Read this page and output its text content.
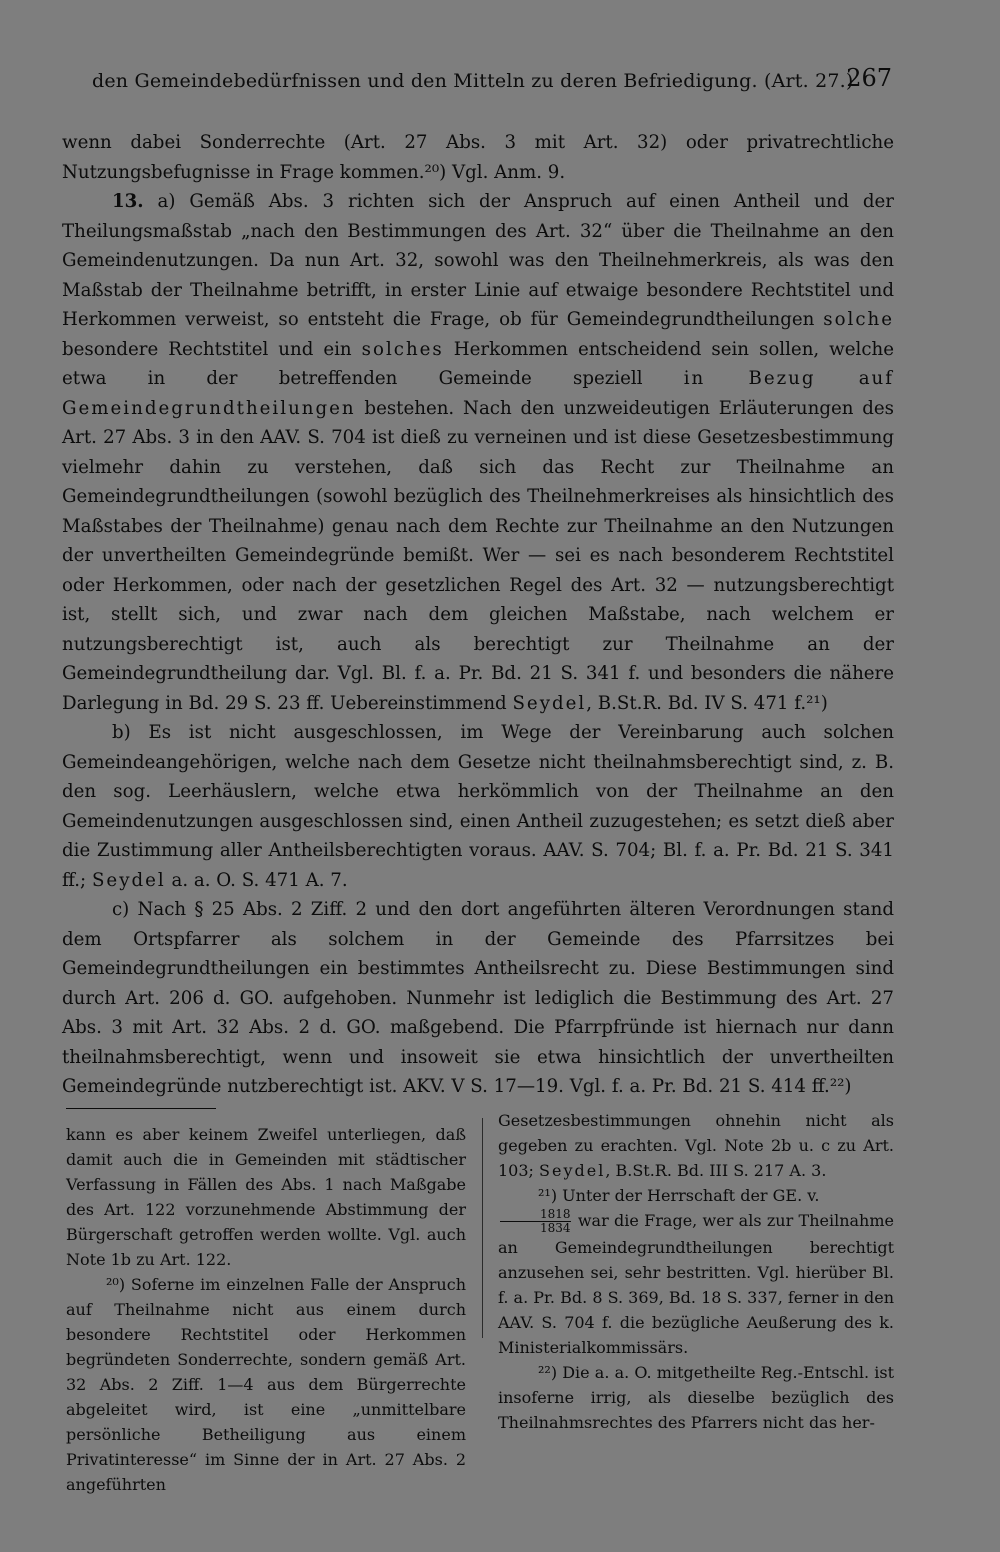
den Gemeindebedürfnissen und den Mitteln zu deren Befriedigung. (Art. 27.)
267

wenn dabei Sonderrechte (Art. 27 Abs. 3 mit Art. 32) oder privatrechtliche Nutzungsbefugnisse in Frage kommen.²⁰) Vgl. Anm. 9.

13. a) Gemäß Abs. 3 richten sich der Anspruch auf einen Antheil und der Theilungsmaßstab „nach den Bestimmungen des Art. 32“ über die Theilnahme an den Gemeindenutzungen. Da nun Art. 32, sowohl was den Theilnehmerkreis, als was den Maßstab der Theilnahme betrifft, in erster Linie auf etwaige besondere Rechtstitel und Herkommen verweist, so entsteht die Frage, ob für Gemeindegrundtheilungen solche besondere Rechtstitel und ein solches Herkommen entscheidend sein sollen, welche etwa in der betreffenden Gemeinde speziell in Bezug auf Gemeindegrundtheilungen bestehen. Nach den unzweideutigen Erläuterungen des Art. 27 Abs. 3 in den AAV. S. 704 ist dieß zu verneinen und ist diese Gesetzesbestimmung vielmehr dahin zu verstehen, daß sich das Recht zur Theilnahme an Gemeindegrundtheilungen (sowohl bezüglich des Theilnehmerkreises als hinsichtlich des Maßstabes der Theilnahme) genau nach dem Rechte zur Theilnahme an den Nutzungen der unvertheilten Gemeindegründe bemißt. Wer — sei es nach besonderem Rechtstitel oder Herkommen, oder nach der gesetzlichen Regel des Art. 32 — nutzungsberechtigt ist, stellt sich, und zwar nach dem gleichen Maßstabe, nach welchem er nutzungsberechtigt ist, auch als berechtigt zur Theilnahme an der Gemeindegrundtheilung dar. Vgl. Bl. f. a. Pr. Bd. 21 S. 341 f. und besonders die nähere Darlegung in Bd. 29 S. 23 ff. Uebereinstimmend Seydel, B.St.R. Bd. IV S. 471 f.²¹)

b) Es ist nicht ausgeschlossen, im Wege der Vereinbarung auch solchen Gemeindeangehörigen, welche nach dem Gesetze nicht theilnahmsberechtigt sind, z. B. den sog. Leerhäuslern, welche etwa herkömmlich von der Theilnahme an den Gemeindenutzungen ausgeschlossen sind, einen Antheil zuzugestehen; es setzt dieß aber die Zustimmung aller Antheilsberechtigten voraus. AAV. S. 704; Bl. f. a. Pr. Bd. 21 S. 341 ff.; Seydel a. a. O. S. 471 A. 7.

c) Nach § 25 Abs. 2 Ziff. 2 und den dort angeführten älteren Verordnungen stand dem Ortspfarrer als solchem in der Gemeinde des Pfarrsitzes bei Gemeindegrundtheilungen ein bestimmtes Antheilsrecht zu. Diese Bestimmungen sind durch Art. 206 d. GO. aufgehoben. Nunmehr ist lediglich die Bestimmung des Art. 27 Abs. 3 mit Art. 32 Abs. 2 d. GO. maßgebend. Die Pfarrpfründe ist hiernach nur dann theilnahmsberechtigt, wenn und insoweit sie etwa hinsichtlich der unvertheilten Gemeindegründe nutzberechtigt ist. AKV. V S. 17—19. Vgl. f. a. Pr. Bd. 21 S. 414 ff.²²)

kann es aber keinem Zweifel unterliegen, daß damit auch die in Gemeinden mit städtischer Verfassung in Fällen des Abs. 1 nach Maßgabe des Art. 122 vorzunehmende Abstimmung der Bürgerschaft getroffen werden wollte. Vgl. auch Note 1b zu Art. 122.

²⁰) Soferne im einzelnen Falle der Anspruch auf Theilnahme nicht aus einem durch besondere Rechtstitel oder Herkommen begründeten Sonderrechte, sondern gemäß Art. 32 Abs. 2 Ziff. 1—4 aus dem Bürgerrechte abgeleitet wird, ist eine „unmittelbare persönliche Betheiligung aus einem Privatinteresse“ im Sinne der in Art. 27 Abs. 2 angeführten

Gesetzesbestimmungen ohnehin nicht als gegeben zu erachten. Vgl. Note 2b u. c zu Art. 103; Seydel, B.St.R. Bd. III S. 217 A. 3.

²¹) Unter der Herrschaft der GE. v.

$\frac{1818}{1834}$ war die Frage, wer als zur Theilnahme an Gemeindegrundtheilungen berechtigt anzusehen sei, sehr bestritten. Vgl. hierüber Bl. f. a. Pr. Bd. 8 S. 369, Bd. 18 S. 337, ferner in den AAV. S. 704 f. die bezügliche Aeußerung des k. Ministerialkommissärs.

²²) Die a. a. O. mitgetheilte Reg.-Entschl. ist insoferne irrig, als dieselbe bezüglich des Theilnahmsrechtes des Pfarrers nicht das her-
